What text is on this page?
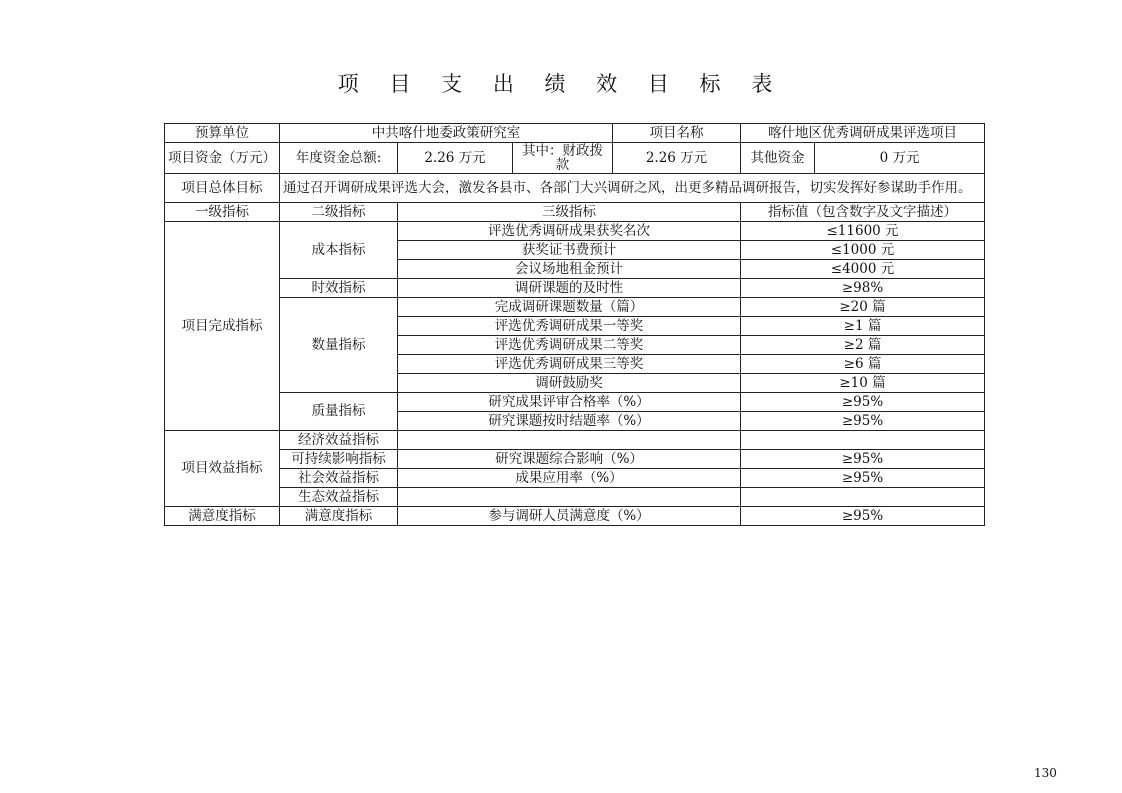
项 目 支 出 绩 效 目 标 表
预算单位	中共喀什地委政策研究室			项目名称	喀什地区优秀调研成果评选项目	
项目资金（万元）	年度资金总额:	2.26 万元	其中：财政拨款	2.26 万元	其他资金	0 万元
项目总体目标	通过召开调研成果评选大会，激发各县市、各部门大兴调研之风，出更多精品调研报告，切实发挥好参谋助手作用。					
一级指标	二级指标	三级指标			指标值（包含数字及文字描述）	
项目完成指标	成本指标	评选优秀调研成果获奖名次			≤11600 元	
		获奖证书费预计			≤1000 元	
		会议场地租金预计			≤4000 元	
	时效指标	调研课题的及时性			≥98%	
	数量指标	完成调研课题数量（篇）			≥20 篇	
		评选优秀调研成果一等奖			≥1 篇	
		评选优秀调研成果二等奖			≥2 篇	
		评选优秀调研成果三等奖			≥6 篇	
		调研鼓励奖			≥10 篇	
	质量指标	研究成果评审合格率（%）			≥95%	
		研究课题按时结题率（%）			≥95%	
项目效益指标	经济效益指标					
	可持续影响指标	研究课题综合影响（%）			≥95%	
	社会效益指标	成果应用率（%）			≥95%	
	生态效益指标					
满意度指标	满意度指标	参与调研人员满意度（%）			≥95%	
130
